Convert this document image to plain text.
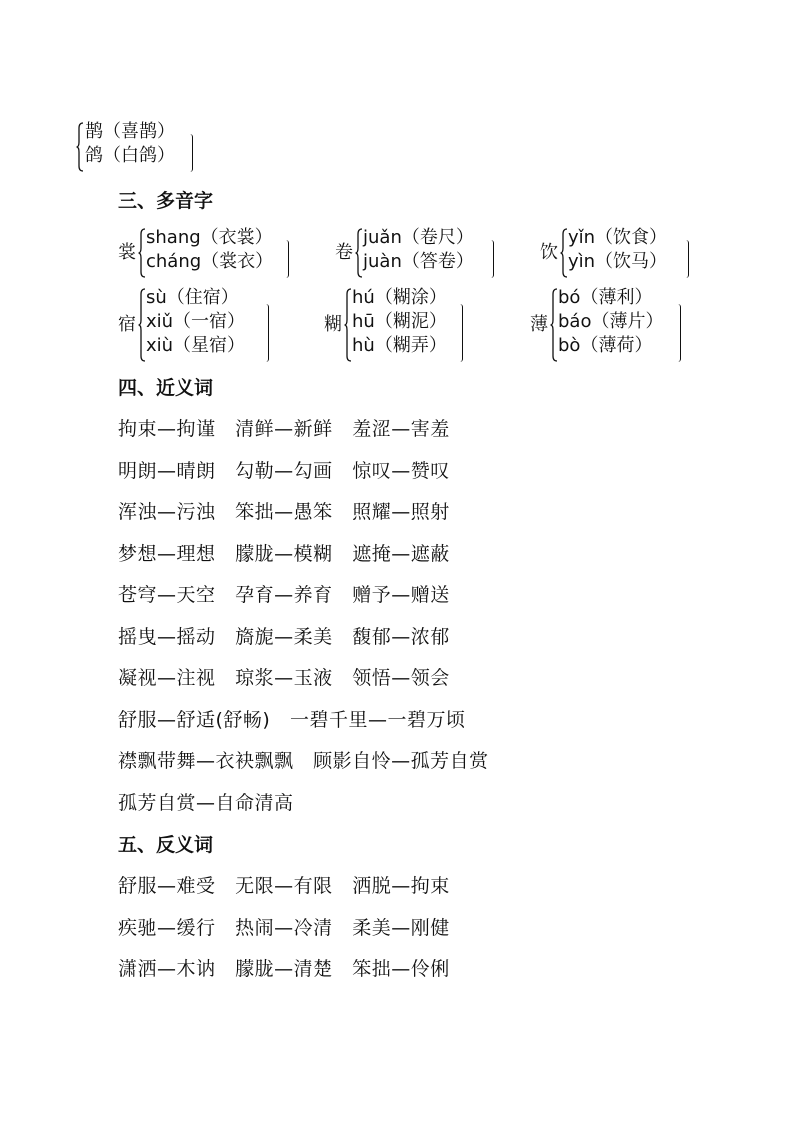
鹊（喜鹊）
鸽（白鸽）
三、多音字
裳
shang（衣裳）
cháng（裳衣）	卷
juǎn（卷尺）
juàn（答卷）	饮
yǐn（饮食）
yìn（饮马）
宿
sù（住宿）
xiǔ（一宿）
xiù（星宿）
糊
hú（糊涂）
hū（糊泥）
hù（糊弄）
薄
bó（薄利）
báo（薄片）
bò（薄荷）
四、近义词
拘束—拘谨   清鲜—新鲜   羞涩—害羞
明朗—晴朗   勾勒—勾画   惊叹—赞叹
浑浊—污浊   笨拙—愚笨   照耀—照射
梦想—理想   朦胧—模糊   遮掩—遮蔽
苍穹—天空   孕育—养育   赠予—赠送
摇曳—摇动   旖旎—柔美   馥郁—浓郁
凝视—注视   琼浆—玉液   领悟—领会
舒服—舒适(舒畅)   一碧千里—一碧万顷
襟飘带舞—衣袂飘飘   顾影自怜—孤芳自赏
孤芳自赏—自命清高
五、反义词
舒服—难受   无限—有限   洒脱—拘束
疾驰—缓行   热闹—冷清   柔美—刚健
潇洒—木讷   朦胧—清楚   笨拙—伶俐
